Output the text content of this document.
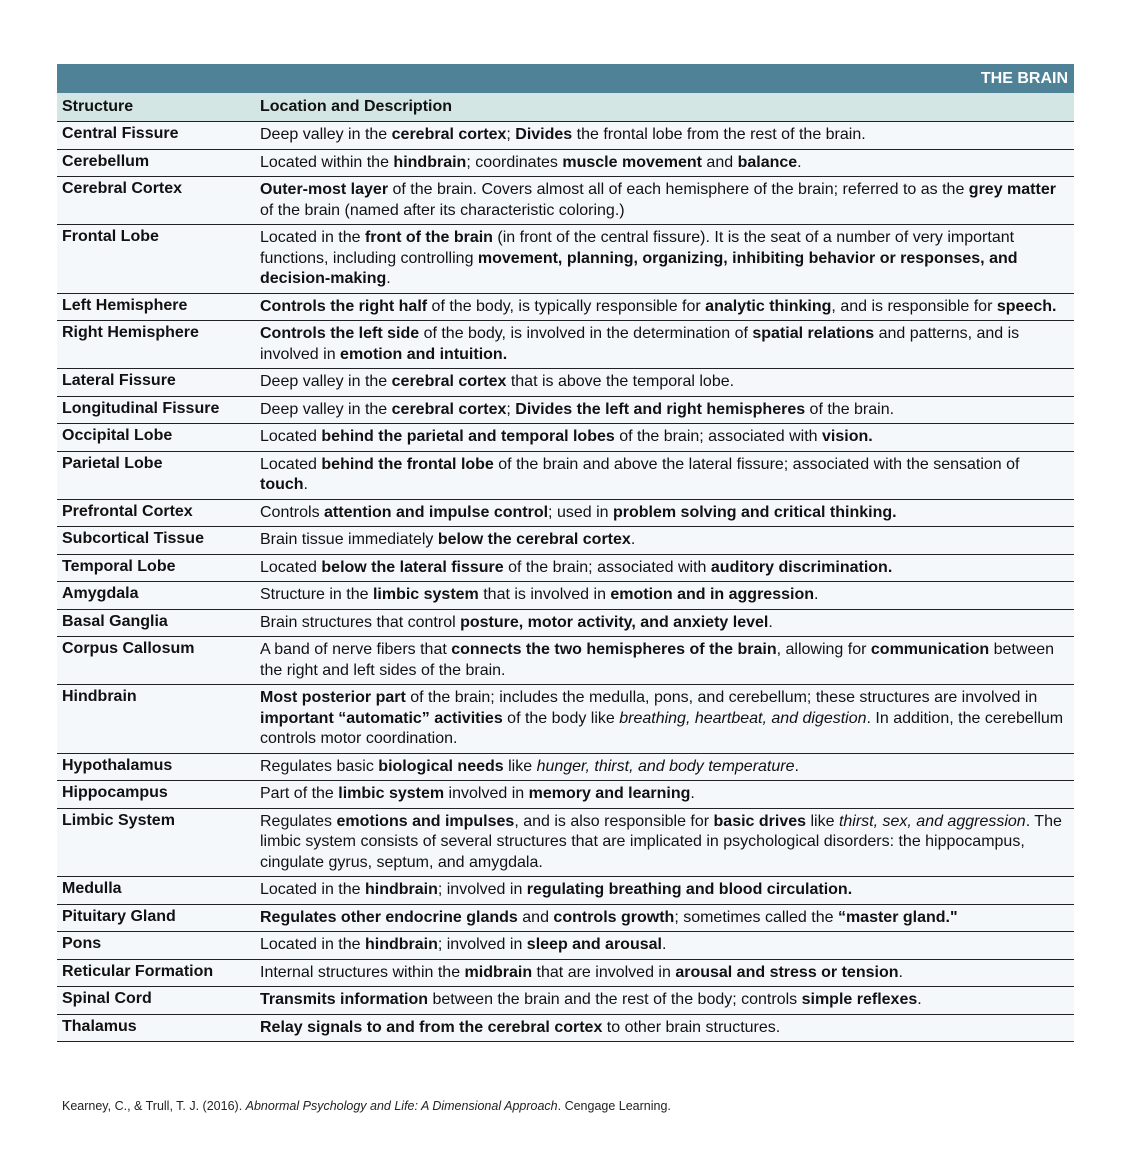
THE BRAIN
Structure	Location and Description
Central Fissure	Deep valley in the cerebral cortex; Divides the frontal lobe from the rest of the brain.
Cerebellum	Located within the hindbrain; coordinates muscle movement and balance.
Cerebral Cortex	Outer-most layer of the brain. Covers almost all of each hemisphere of the brain; referred to as the grey matter of the brain (named after its characteristic coloring.)
Frontal Lobe	Located in the front of the brain (in front of the central fissure). It is the seat of a number of very important functions, including controlling movement, planning, organizing, inhibiting behavior or responses, and decision-making.
Left Hemisphere	Controls the right half of the body, is typically responsible for analytic thinking, and is responsible for speech.
Right Hemisphere	Controls the left side of the body, is involved in the determination of spatial relations and patterns, and is involved in emotion and intuition.
Lateral Fissure	Deep valley in the cerebral cortex that is above the temporal lobe.
Longitudinal Fissure	Deep valley in the cerebral cortex; Divides the left and right hemispheres of the brain.
Occipital Lobe	Located behind the parietal and temporal lobes of the brain; associated with vision.
Parietal Lobe	Located behind the frontal lobe of the brain and above the lateral fissure; associated with the sensation of touch.
Prefrontal Cortex	Controls attention and impulse control; used in problem solving and critical thinking.
Subcortical Tissue	Brain tissue immediately below the cerebral cortex.
Temporal Lobe	Located below the lateral fissure of the brain; associated with auditory discrimination.
Amygdala	Structure in the limbic system that is involved in emotion and in aggression.
Basal Ganglia	Brain structures that control posture, motor activity, and anxiety level.
Corpus Callosum	A band of nerve fibers that connects the two hemispheres of the brain, allowing for communication between the right and left sides of the brain.
Hindbrain	Most posterior part of the brain; includes the medulla, pons, and cerebellum; these structures are involved in important “automatic” activities of the body like breathing, heartbeat, and digestion. In addition, the cerebellum controls motor coordination.
Hypothalamus	Regulates basic biological needs like hunger, thirst, and body temperature.
Hippocampus	Part of the limbic system involved in memory and learning.
Limbic System	Regulates emotions and impulses, and is also responsible for basic drives like thirst, sex, and aggression. The limbic system consists of several structures that are implicated in psychological disorders: the hippocampus, cingulate gyrus, septum, and amygdala.
Medulla	Located in the hindbrain; involved in regulating breathing and blood circulation.
Pituitary Gland	Regulates other endocrine glands and controls growth; sometimes called the “master gland."
Pons	Located in the hindbrain; involved in sleep and arousal.
Reticular Formation	Internal structures within the midbrain that are involved in arousal and stress or tension.
Spinal Cord	Transmits information between the brain and the rest of the body; controls simple reflexes.
Thalamus	Relay signals to and from the cerebral cortex to other brain structures.
Kearney, C., & Trull, T. J. (2016). Abnormal Psychology and Life: A Dimensional Approach. Cengage Learning.
